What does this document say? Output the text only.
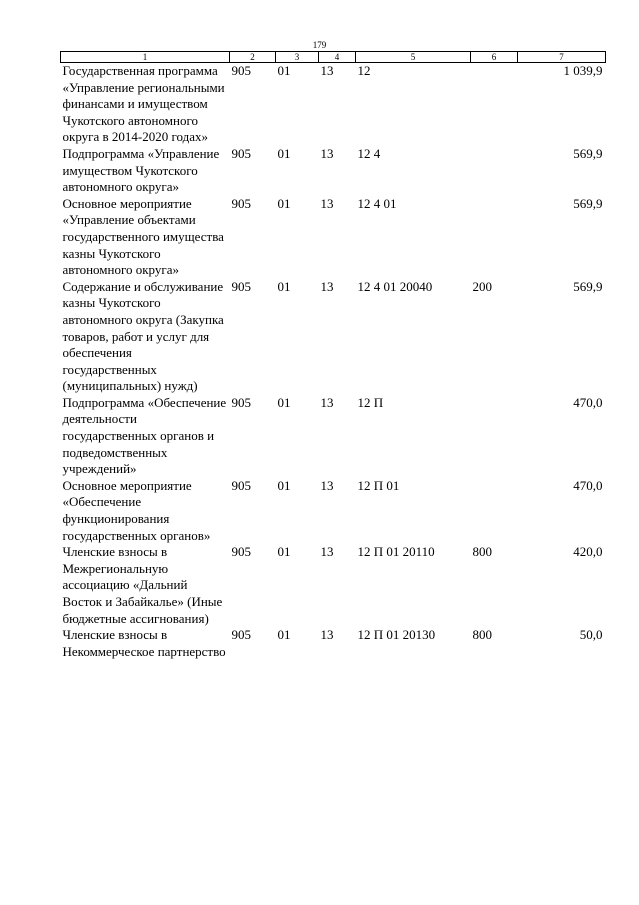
179
1	2	3	4	5	6	7
Государственная программа «Управление региональными финансами и имуществом Чукотского автономного округа в 2014-2020 годах»	905	01	13	12		1 039,9
Подпрограмма «Управление имуществом Чукотского автономного округа»	905	01	13	12 4		569,9
Основное мероприятие «Управление объектами государственного имущества казны Чукотского автономного округа»	905	01	13	12 4 01		569,9
Содержание и обслуживание казны Чукотского автономного округа (Закупка товаров, работ и услуг для обеспечения государственных (муниципальных) нужд)	905	01	13	12 4 01 20040	200	569,9
Подпрограмма «Обеспечение деятельности государственных органов и подведомственных учреждений»	905	01	13	12 П		470,0
Основное мероприятие «Обеспечение функционирования государственных органов»	905	01	13	12 П 01		470,0
Членские взносы в Межрегиональную ассоциацию «Дальний Восток и Забайкалье» (Иные бюджетные ассигнования)	905	01	13	12 П 01 20110	800	420,0
Членские взносы в Некоммерческое партнерство	905	01	13	12 П 01 20130	800	50,0
